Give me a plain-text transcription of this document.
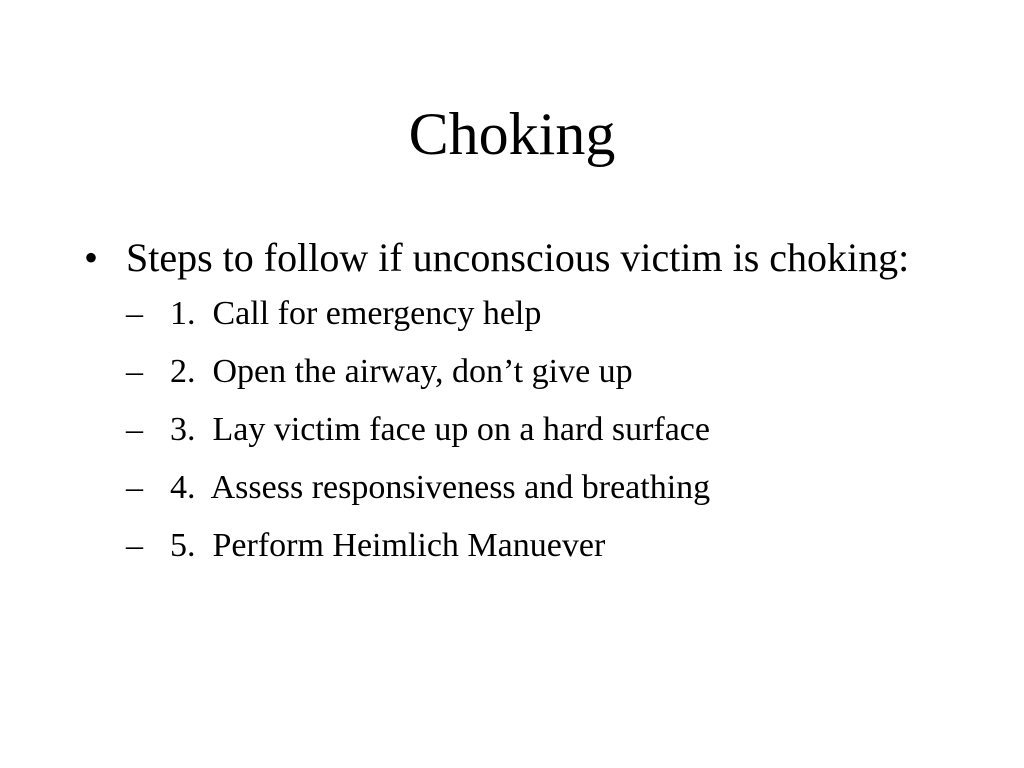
Choking
• Steps to follow if unconscious victim is choking:
– 1.  Call for emergency help
– 2.  Open the airway, don’t give up
– 3.  Lay victim face up on a hard surface
– 4.  Assess responsiveness and breathing
– 5.  Perform Heimlich Manuever
